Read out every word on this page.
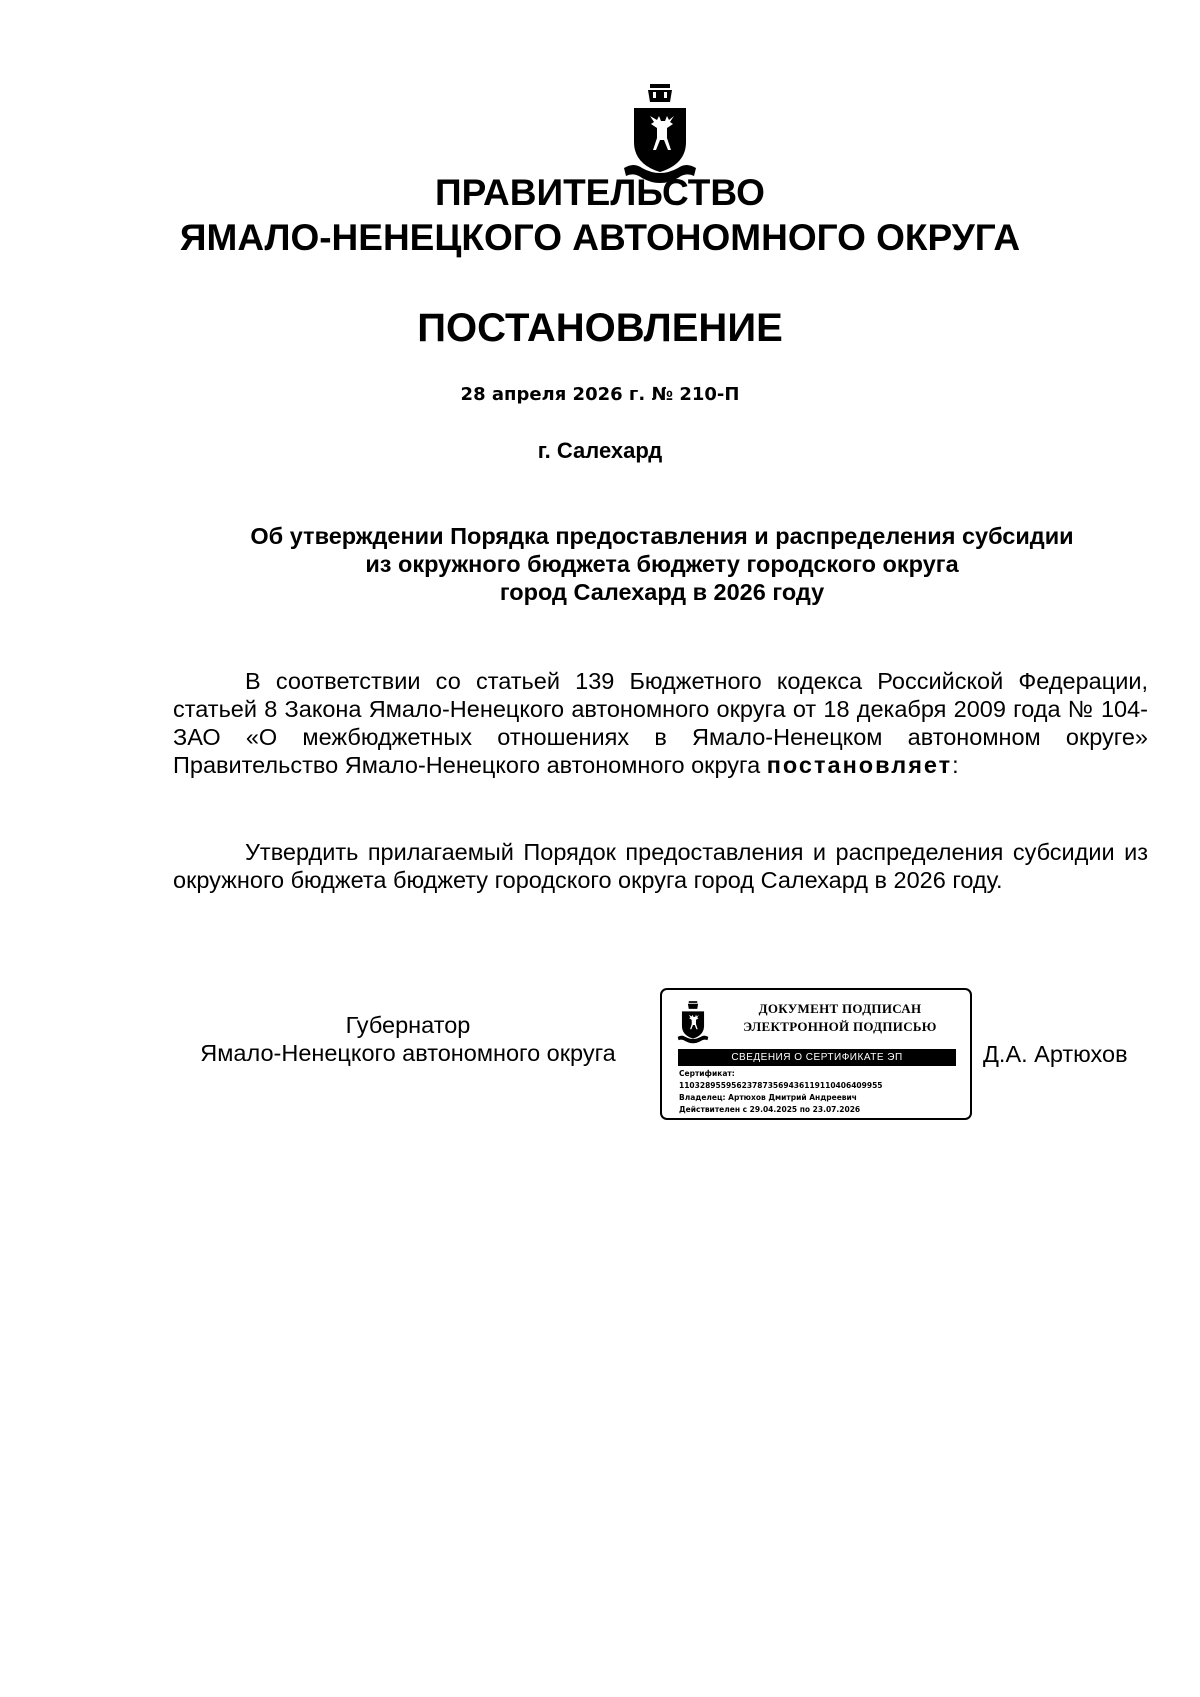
ПРАВИТЕЛЬСТВО
ЯМАЛО-НЕНЕЦКОГО АВТОНОМНОГО ОКРУГА
ПОСТАНОВЛЕНИЕ
28 апреля 2026 г. № 210-П
г. Салехард
Об утверждении Порядка предоставления и распределения субсидии
из окружного бюджета бюджету городского округа
город Салехард в 2026 году

В соответствии со статьей 139 Бюджетного кодекса Российской Федерации, статьей 8 Закона Ямало-Ненецкого автономного округа от 18 декабря 2009 года № 104-ЗАО «О межбюджетных отношениях в Ямало-Ненецком автономном округе» Правительство Ямало-Ненецкого автономного округа постановляет:

Утвердить прилагаемый Порядок предоставления и распределения субсидии из окружного бюджета бюджету городского округа город Салехард в 2026 году.

Губернатор
Ямало-Ненецкого автономного округа
ДОКУМЕНТ ПОДПИСАН
ЭЛЕКТРОННОЙ ПОДПИСЬЮ
СВЕДЕНИЯ О СЕРТИФИКАТЕ ЭП
Сертификат:
110328955956237873569436119110406409955
Владелец: Артюхов Дмитрий Андреевич
Действителен с 29.04.2025 по 23.07.2026
Д.А. Артюхов
